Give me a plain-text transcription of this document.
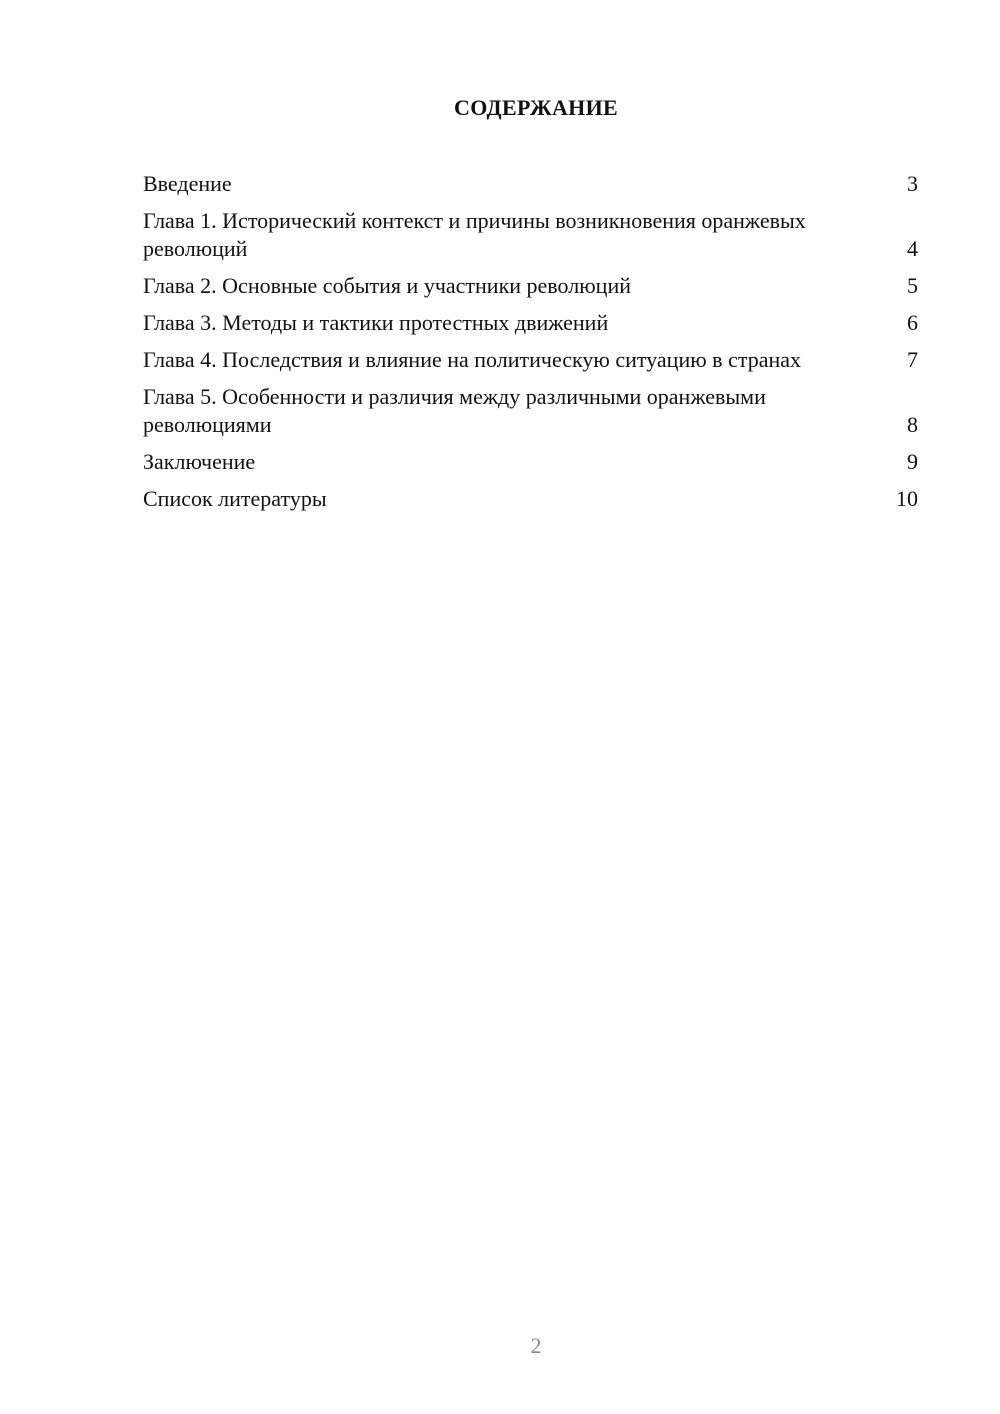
СОДЕРЖАНИЕ
Введение	3
Глава 1. Исторический контекст и причины возникновения оранжевых революций	4
Глава 2. Основные события и участники революций	5
Глава 3. Методы и тактики протестных движений	6
Глава 4. Последствия и влияние на политическую ситуацию в странах	7
Глава 5. Особенности и различия между различными оранжевыми революциями	8
Заключение	9
Список литературы	10
2
